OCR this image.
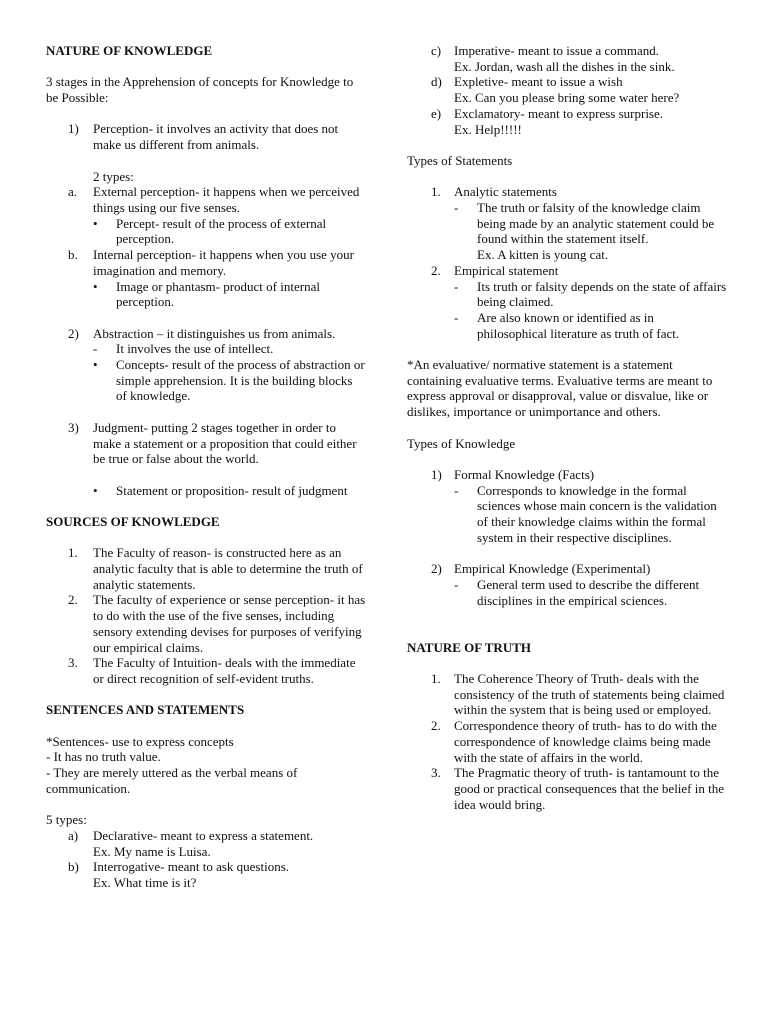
NATURE OF KNOWLEDGE

3 stages in the Apprehension of concepts for Knowledge to be Possible:

1) Perception- it involves an activity that does not make us different from animals.

2 types:

a. External perception- it happens when we perceived things using our five senses.
• Percept- result of the process of external perception.
b. Internal perception- it happens when you use your imagination and memory.
• Image or phantasm- product of internal perception.
2) Abstraction – it distinguishes us from animals.
- It involves the use of intellect.
• Concepts- result of the process of abstraction or simple apprehension. It is the building blocks of knowledge.
3) Judgment- putting 2 stages together in order to make a statement or a proposition that could either be true or false about the world.
• Statement or proposition- result of judgment

SOURCES OF KNOWLEDGE

1. The Faculty of reason- is constructed here as an analytic faculty that is able to determine the truth of analytic statements.
2. The faculty of experience or sense perception- it has to do with the use of the five senses, including sensory extending devises for purposes of verifying our empirical claims.
3. The Faculty of Intuition- deals with the immediate or direct recognition of self-evident truths.

SENTENCES AND STATEMENTS

*Sentences- use to express concepts

- It has no truth value.

- They are merely uttered as the verbal means of communication.

5 types:

a) Declarative- meant to express a statement.

Ex. My name is Luisa.

b) Interrogative- meant to ask questions.

Ex. What time is it?

c) Imperative- meant to issue a command.

Ex. Jordan, wash all the dishes in the sink.

d) Expletive- meant to issue a wish

Ex. Can you please bring some water here?

e) Exclamatory- meant to express surprise.

Ex. Help!!!!!

Types of Statements

1. Analytic statements
- The truth or falsity of the knowledge claim being made by an analytic statement could be found within the statement itself.

Ex. A kitten is young cat.

2. Empirical statement
- Its truth or falsity depends on the state of affairs being claimed.
- Are also known or identified as in philosophical literature as truth of fact.

*An evaluative/ normative statement is a statement containing evaluative terms. Evaluative terms are meant to express approval or disapproval, value or disvalue, like or dislikes, importance or unimportance and others.

Types of Knowledge

1) Formal Knowledge (Facts)
- Corresponds to knowledge in the formal sciences whose main concern is the validation of their knowledge claims within the formal system in their respective disciplines.
2) Empirical Knowledge (Experimental)
- General term used to describe the different disciplines in the empirical sciences.

NATURE OF TRUTH

1. The Coherence Theory of Truth- deals with the consistency of the truth of statements being claimed within the system that is being used or employed.
2. Correspondence theory of truth- has to do with the correspondence of knowledge claims being made with the state of affairs in the world.
3. The Pragmatic theory of truth- is tantamount to the good or practical consequences that the belief in the idea would bring.
